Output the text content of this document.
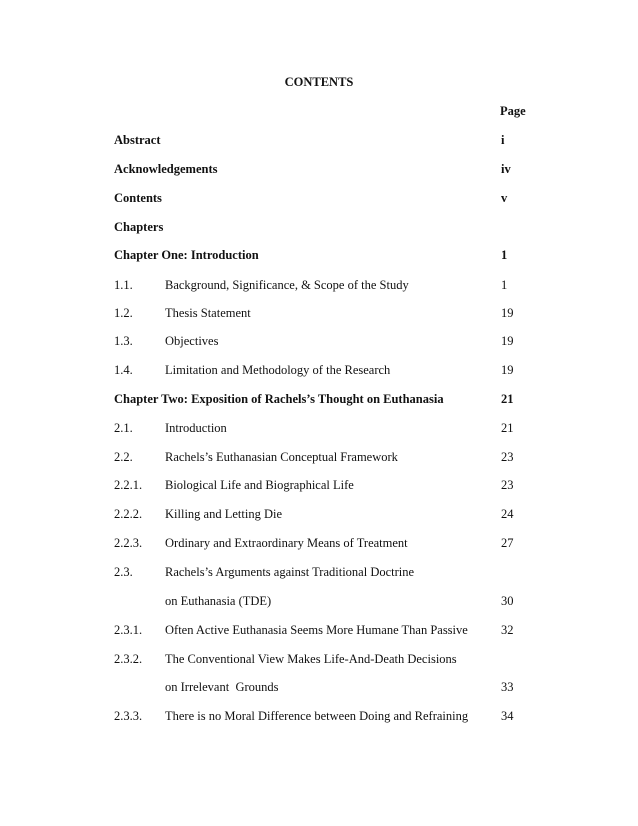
CONTENTS
Page
Abstract	i
Acknowledgements	iv
Contents	v
Chapters
Chapter One: Introduction	1
1.1.	Background, Significance, & Scope of the Study	1
1.2.	Thesis Statement	19
1.3.	Objectives	19
1.4.	Limitation and Methodology of the Research	19
Chapter Two: Exposition of Rachels’s Thought on Euthanasia	21
2.1.	Introduction	21
2.2.	Rachels’s Euthanasian Conceptual Framework	23
2.2.1. Biological Life and Biographical Life	23
2.2.2. Killing and Letting Die	24
2.2.3. Ordinary and Extraordinary Means of Treatment	27
2.3.	Rachels’s Arguments against Traditional Doctrine
on Euthanasia (TDE)	30
2.3.1. Often Active Euthanasia Seems More Humane Than Passive	32
2.3.2. The Conventional View Makes Life-And-Death Decisions
on Irrelevant  Grounds	33
2.3.3. There is no Moral Difference between Doing and Refraining	34
